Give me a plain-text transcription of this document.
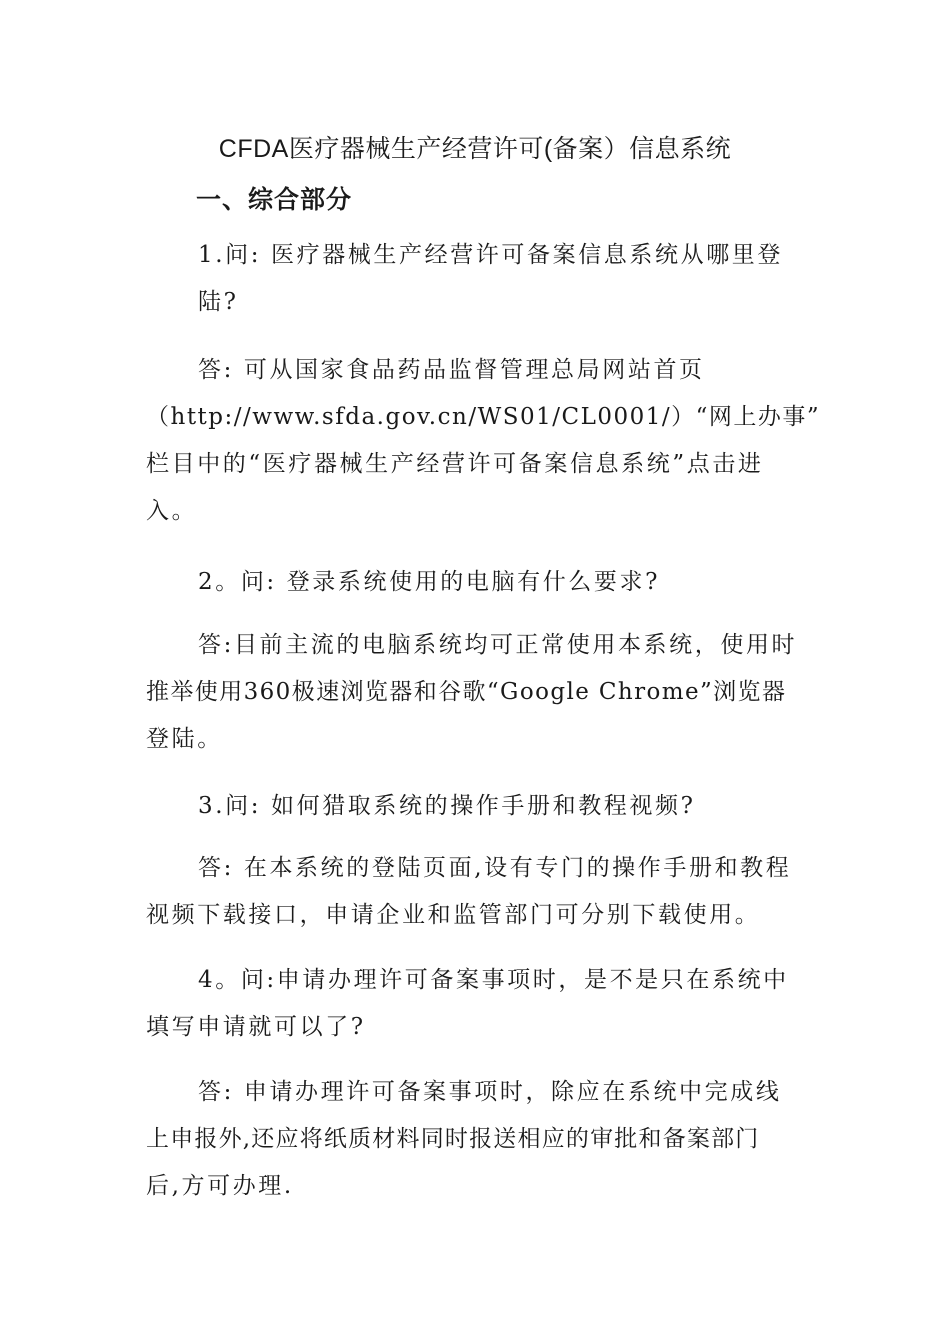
CFDA医疗器械生产经营许可(备案）信息系统
一、综合部分

1.问: 医疗器械生产经营许可备案信息系统从哪里登
陆?

答: 可从国家食品药品监督管理总局网站首页
（http://www.sfda.gov.cn/WS01/CL0001/）“网上办事”
栏目中的“医疗器械生产经营许可备案信息系统”点击进
入。

2。问: 登录系统使用的电脑有什么要求?

答:目前主流的电脑系统均可正常使用本系统，使用时
推举使用360极速浏览器和谷歌“Google Chrome”浏览器
登陆。

3.问: 如何猎取系统的操作手册和教程视频?

答: 在本系统的登陆页面,设有专门的操作手册和教程
视频下载接口，申请企业和监管部门可分别下载使用。

4。问:申请办理许可备案事项时，是不是只在系统中
填写申请就可以了?

答: 申请办理许可备案事项时，除应在系统中完成线
上申报外,还应将纸质材料同时报送相应的审批和备案部门
后,方可办理.
